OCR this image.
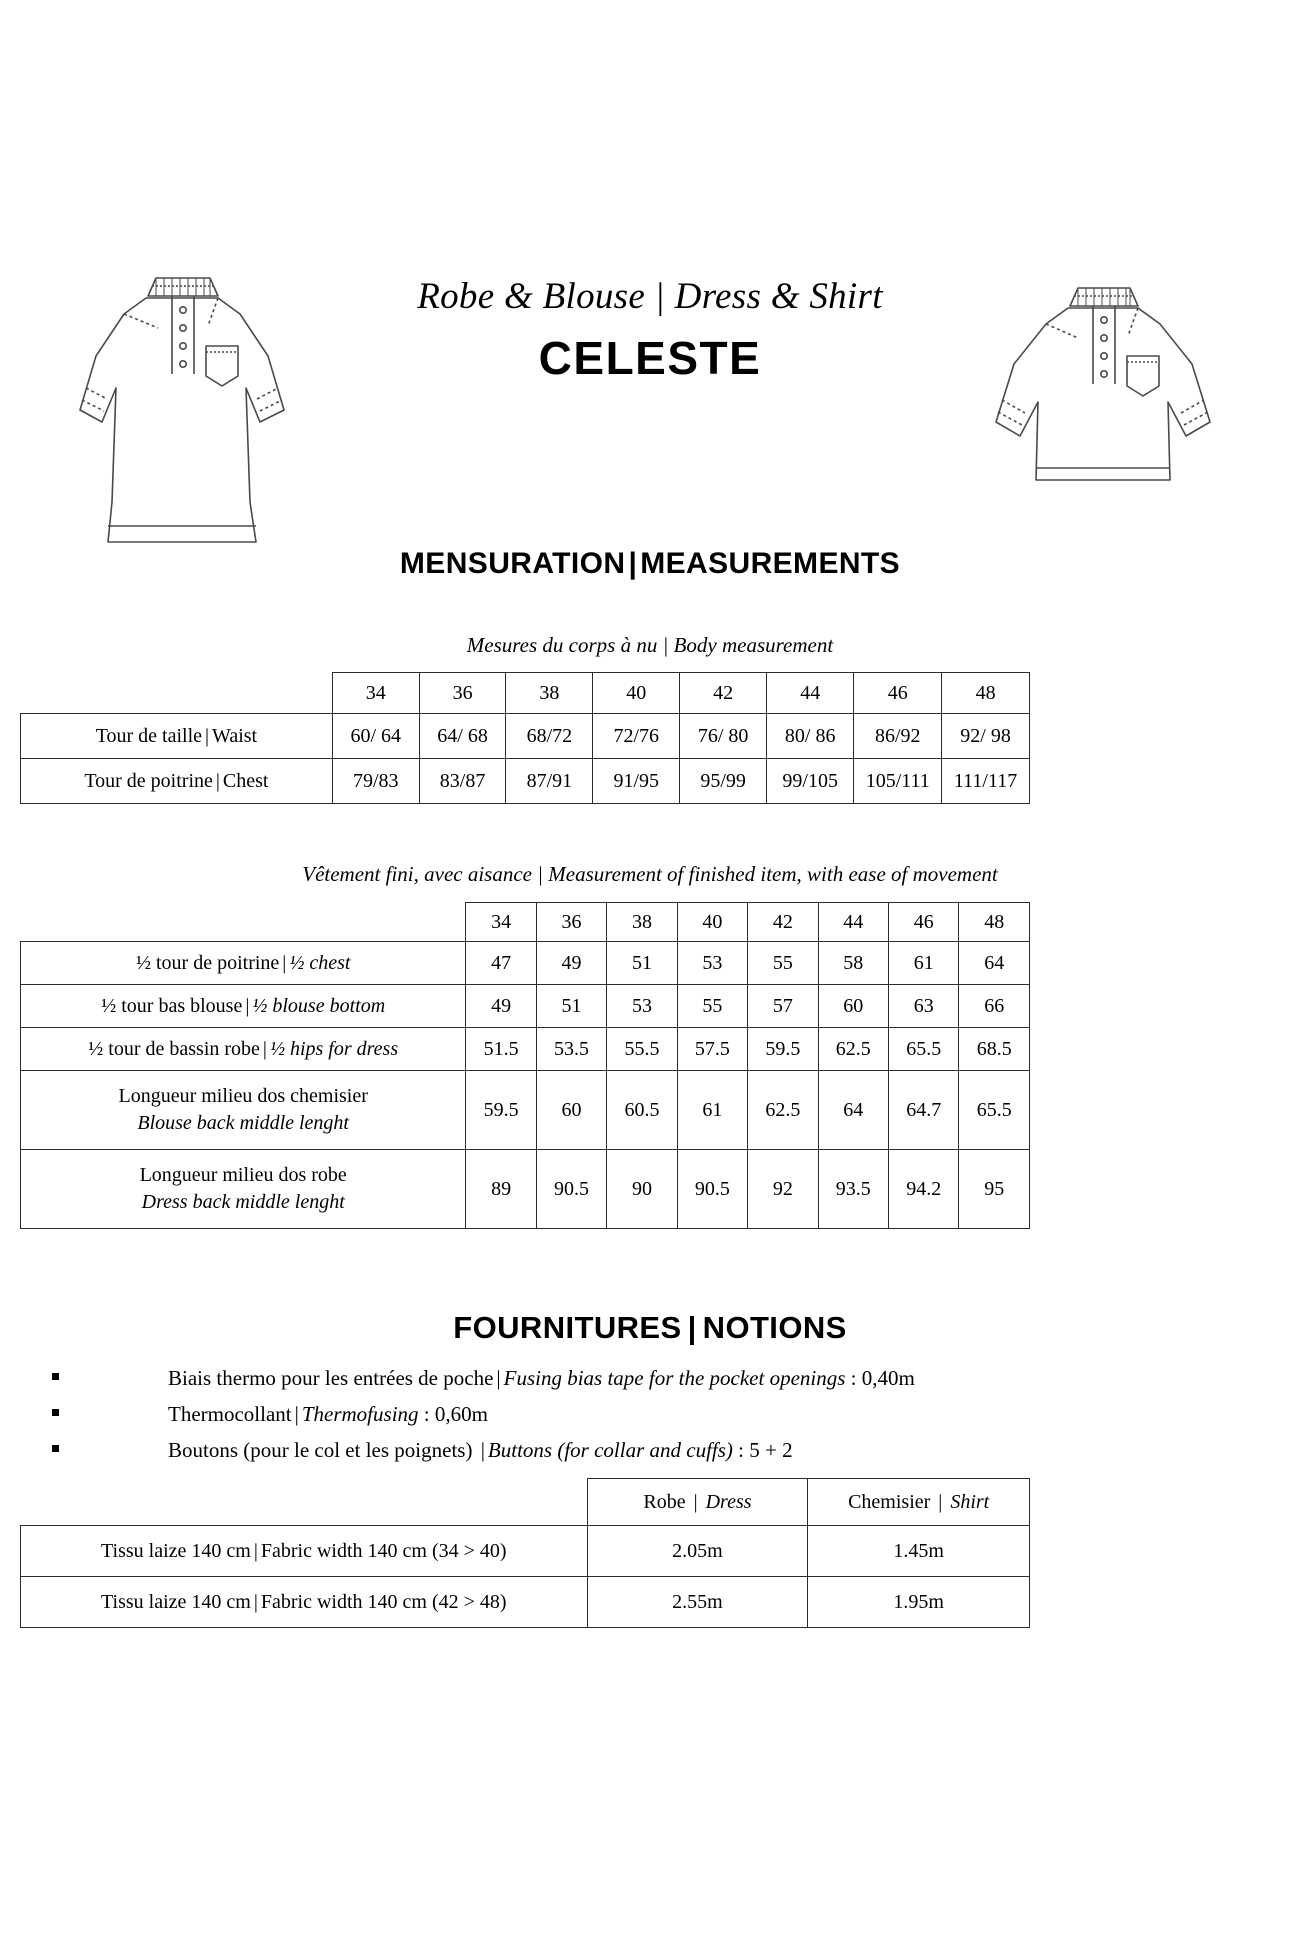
Robe & Blouse | Dress & Shirt
CELESTE
MENSURATION | MEASUREMENTS
Mesures du corps à nu | Body measurement
	34	36	38	40	42	44	46	48
Tour de taille | Waist	60/ 64	64/ 68	68/72	72/76	76/ 80	80/ 86	86/92	92/ 98
Tour de poitrine | Chest	79/83	83/87	87/91	91/95	95/99	99/105	105/111	111/117
Vêtement fini, avec aisance | Measurement of finished item, with ease of movement
	34	36	38	40	42	44	46	48
½ tour de poitrine | ½ chest	47	49	51	53	55	58	61	64
½ tour bas blouse | ½ blouse bottom	49	51	53	55	57	60	63	66
½ tour de bassin robe | ½ hips for dress	51.5	53.5	55.5	57.5	59.5	62.5	65.5	68.5

Longueur milieu dos chemisier
Blouse back middle lenght	59.5	60	60.5	61	62.5	64	64.7	65.5

Longueur milieu dos robe
Dress back middle lenght	89	90.5	90	90.5	92	93.5	94.2	95
FOURNITURES | NOTIONS
Biais thermo pour les entrées de poche | Fusing bias tape for the pocket openings : 0,40m
Thermocollant | Thermofusing : 0,60m
Boutons (pour le col et les poignets) | Buttons (for collar and cuffs) : 5 + 2
	Robe | Dress	Chemisier | Shirt
Tissu laize 140 cm | Fabric width 140 cm (34 > 40)	2.05m	1.45m
Tissu laize 140 cm | Fabric width 140 cm (42 > 48)	2.55m	1.95m
